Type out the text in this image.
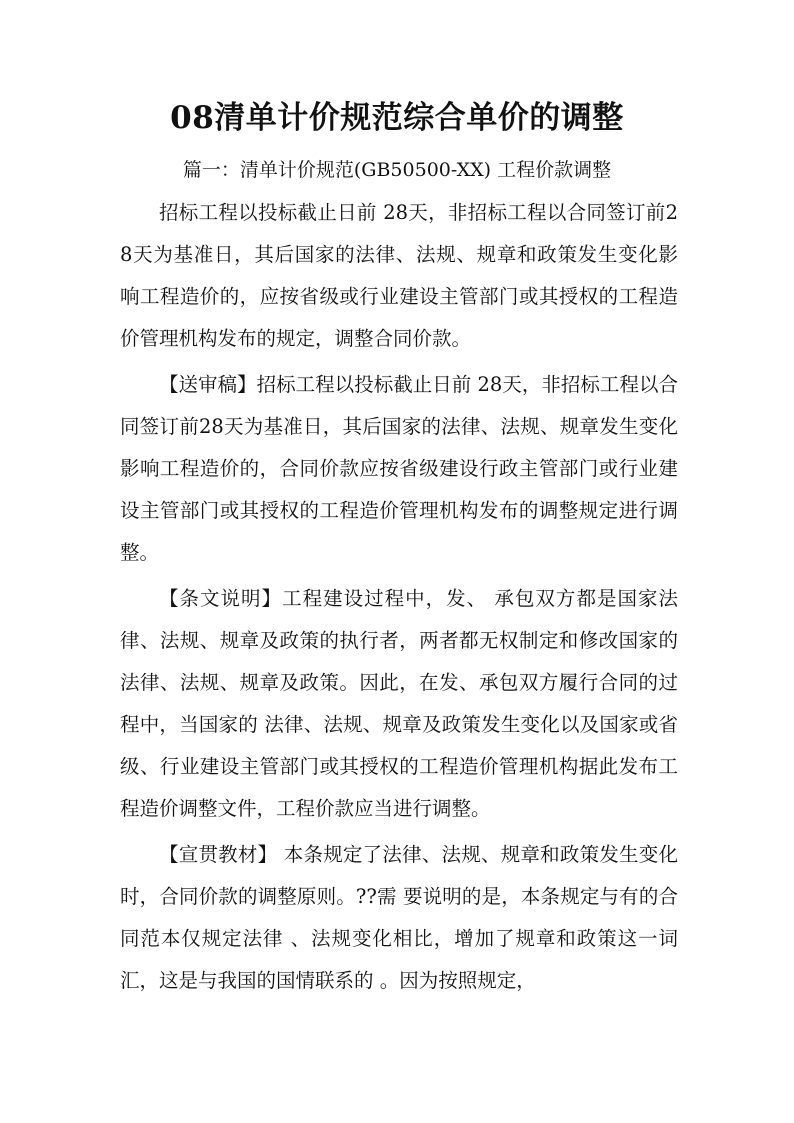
08清单计价规范综合单价的调整
篇一：清单计价规范(GB50500-XX) 工程价款调整

招标工程以投标截止日前 28天，非招标工程以合同签订前28天为基准日，其后国家的法律、法规、规章和政策发生变化影响工程造价的，应按省级或行业建设主管部门或其授权的工程造价管理机构发布的规定，调整合同价款。

【送审稿】招标工程以投标截止日前 28天，非招标工程以合同签订前28天为基准日，其后国家的法律、法规、规章发生变化影响工程造价的，合同价款应按省级建设行政主管部门或行业建设主管部门或其授权的工程造价管理机构发布的调整规定进行调整。

【条文说明】工程建设过程中，发、 承包双方都是国家法律、法规、规章及政策的执行者，两者都无权制定和修改国家的法律、法规、规章及政策。因此，在发、承包双方履行合同的过程中，当国家的 法律、法规、规章及政策发生变化以及国家或省级、行业建设主管部门或其授权的工程造价管理机构据此发布工程造价调整文件，工程价款应当进行调整。

【宣贯教材】 本条规定了法律、法规、规章和政策发生变化时，合同价款的调整原则。??需 要说明的是，本条规定与有的合同范本仅规定法律 、法规变化相比，增加了规章和政策这一词汇，这是与我国的国情联系的 。因为按照规定，
